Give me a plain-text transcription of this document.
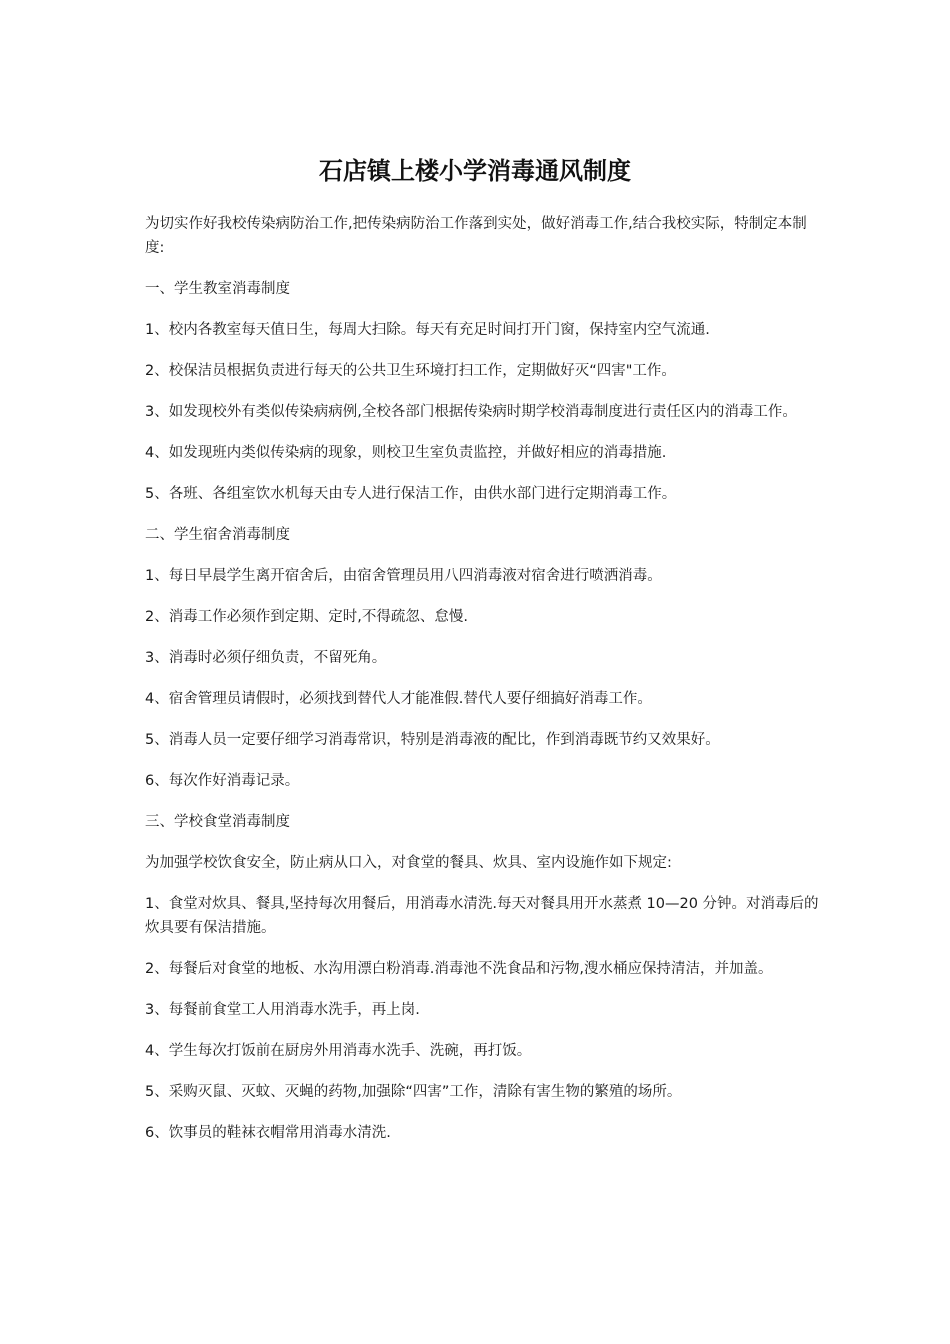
石店镇上楼小学消毒通风制度

为切实作好我校传染病防治工作,把传染病防治工作落到实处，做好消毒工作,结合我校实际，特制定本制度:

一、学生教室消毒制度

1、校内各教室每天值日生，每周大扫除。每天有充足时间打开门窗，保持室内空气流通.

2、校保洁员根据负责进行每天的公共卫生环境打扫工作，定期做好灭“四害"工作。

3、如发现校外有类似传染病病例,全校各部门根据传染病时期学校消毒制度进行责任区内的消毒工作。

4、如发现班内类似传染病的现象，则校卫生室负责监控，并做好相应的消毒措施.

5、各班、各组室饮水机每天由专人进行保洁工作，由供水部门进行定期消毒工作。

二、学生宿舍消毒制度

1、每日早晨学生离开宿舍后，由宿舍管理员用八四消毒液对宿舍进行喷洒消毒。

2、消毒工作必须作到定期、定时,不得疏忽、怠慢.

3、消毒时必须仔细负责，不留死角。

4、宿舍管理员请假时，必须找到替代人才能准假.替代人要仔细搞好消毒工作。

5、消毒人员一定要仔细学习消毒常识，特别是消毒液的配比，作到消毒既节约又效果好。

6、每次作好消毒记录。

三、学校食堂消毒制度

为加强学校饮食安全，防止病从口入，对食堂的餐具、炊具、室内设施作如下规定:

1、食堂对炊具、餐具,坚持每次用餐后，用消毒水清洗.每天对餐具用开水蒸煮 10—20 分钟。对消毒后的炊具要有保洁措施。

2、每餐后对食堂的地板、水沟用漂白粉消毒.消毒池不洗食品和污物,溲水桶应保持清洁，并加盖。

3、每餐前食堂工人用消毒水洗手，再上岗.

4、学生每次打饭前在厨房外用消毒水洗手、洗碗，再打饭。

5、采购灭鼠、灭蚊、灭蝇的药物,加强除“四害”工作，清除有害生物的繁殖的场所。

6、饮事员的鞋袜衣帽常用消毒水清洗.
